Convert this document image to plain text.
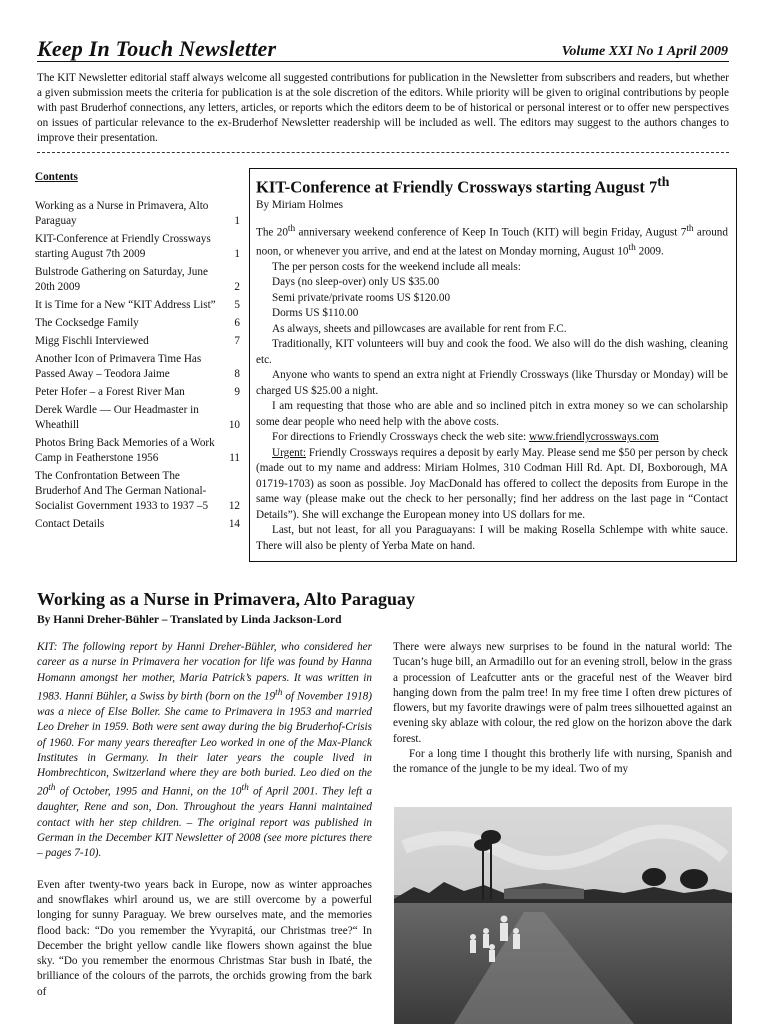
Keep In Touch Newsletter	Volume XXI No 1 April 2009
The KIT Newsletter editorial staff always welcome all suggested contributions for publication in the Newsletter from subscribers and readers, but whether a given submission meets the criteria for publication is at the sole discretion of the editors. While priority will be given to original contributions by people with past Bruderhof connections, any letters, articles, or reports which the editors deem to be of historical or personal interest or to offer new perspectives on issues of particular relevance to the ex-Bruderhof Newsletter readership will be included as well. The editors may suggest to the authors changes to improve their presentation.
Contents
Working as a Nurse in Primavera, Alto Paraguay	1
KIT-Conference at Friendly Crossways starting August 7th 2009	1
Bulstrode Gathering on Saturday, June 20th 2009	2
It is Time for a New “KIT Address List”	5
The Cocksedge Family	6
Migg Fischli Interviewed	7
Another Icon of Primavera Time Has Passed Away – Teodora Jaime	8
Peter Hofer – a Forest River Man	9
Derek Wardle — Our Headmaster in Wheathill	10
Photos Bring Back Memories of a Work Camp in Featherstone 1956	11
The Confrontation Between The Bruderhof And The German National-Socialist Government 1933 to 1937 –5	12
Contact Details	14
KIT-Conference at Friendly Crossways starting August 7th
By Miriam Holmes

The 20th anniversary weekend conference of Keep In Touch (KIT) will begin Friday, August 7th around noon, or whenever you arrive, and end at the latest on Monday morning, August 10th 2009.

The per person costs for the weekend include all meals:

Days (no sleep-over) only US $35.00

Semi private/private rooms US $120.00

Dorms US $110.00

As always, sheets and pillowcases are available for rent from F.C.

Traditionally, KIT volunteers will buy and cook the food. We also will do the dish washing, cleaning etc.

Anyone who wants to spend an extra night at Friendly Crossways (like Thursday or Monday) will be charged US $25.00 a night.

I am requesting that those who are able and so inclined pitch in extra money so we can scholarship some dear people who need help with the above costs.

For directions to Friendly Crossways check the web site: www.friendlycrossways.com

Urgent: Friendly Crossways requires a deposit by early May. Please send me $50 per person by check (made out to my name and address: Miriam Holmes, 310 Codman Hill Rd. Apt. DI, Boxborough, MA 01719-1703) as soon as possible. Joy MacDonald has offered to collect the deposits from Europe in the same way (please make out the check to her personally; find her address on the last page in “Contact Details”). She will exchange the European money into US dollars for me.

Last, but not least, for all you Paraguayans: I will be making Rosella Schlempe with white sauce. There will also be plenty of Yerba Mate on hand.

Working as a Nurse in Primavera, Alto Paraguay
By Hanni Dreher-Bühler – Translated by Linda Jackson-Lord

KIT: The following report by Hanni Dreher-Bühler, who considered her career as a nurse in Primavera her vocation for life was found by Hanna Homann amongst her mother, Maria Patrick’s papers. It was written in 1983. Hanni Bühler, a Swiss by birth (born on the 19th of November 1918) was a niece of Else Boller. She came to Primavera in 1953 and married Leo Dreher in 1959. Both were sent away during the big Bruderhof-Crisis of 1960. For many years thereafter Leo worked in one of the Max-Planck Institutes in Germany. In their later years the couple lived in Hombrechticon, Switzerland where they are both buried. Leo died on the 20th of October, 1995 and Hanni, on the 10th of April 2001. They left a daughter, Rene and son, Don. Throughout the years Hanni maintained contact with her step children. – The original report was published in German in the December KIT Newsletter of 2008 (see more pictures there – pages 7-10).

Even after twenty-two years back in Europe, now as winter approaches and snowflakes whirl around us, we are still overcome by a powerful longing for sunny Paraguay. We brew ourselves mate, and the memories flood back: “Do you remember the Yvyrapitá, our Christmas tree?“ In December the bright yellow candle like flowers shown against the blue sky. “Do you remember the enormous Christmas Star bush in Ibaté, the brilliance of the colours of the parrots, the orchids growing from the bark of

There were always new surprises to be found in the natural world: The Tucan’s huge bill, an Armadillo out for an evening stroll, below in the grass a procession of Leafcutter ants or the graceful nest of the Weaver bird hanging down from the palm tree! In my free time I often drew pictures of flowers, but my favorite drawings were of palm trees silhouetted against an evening sky ablaze with colour, the red glow on the horizon above the dark forest.

For a long time I thought this brotherly life with nursing, Spanish and the romance of the jungle to be my ideal. Two of my
